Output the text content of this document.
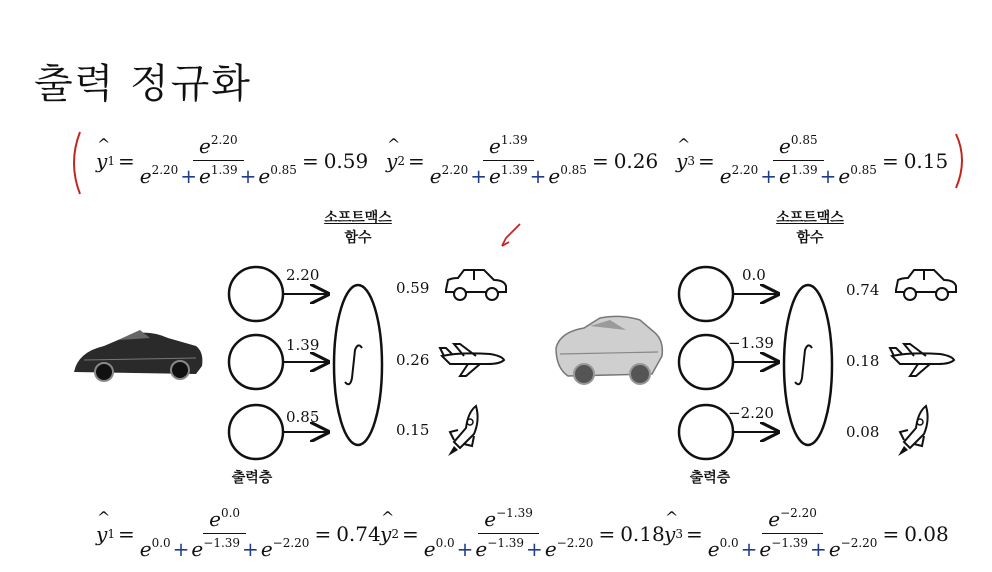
출력 정규화
^
y $1 = \frac{e^{2.20}}{e^{2.20} + e^{1.39} + e^{0.85}} = 0.59$
^
y $2 = \frac{e^{1.39}}{e^{2.20} + e^{1.39} + e^{0.85}} = 0.26$
^
y $3 = \frac{e^{0.85}}{e^{2.20} + e^{1.39} + e^{0.85}} = 0.15$
^
y $1 = \frac{e^{0.0}}{e^{0.0} + e^{-1.39} + e^{-2.20}} = 0.74$
^
y $2 = \frac{e^{-1.39}}{e^{0.0} + e^{-1.39} + e^{-2.20}} = 0.18$
^
y $3 = \frac{e^{-2.20}}{e^{0.0} + e^{-1.39} + e^{-2.20}} = 0.08$
소프트맥스
함수
출력층
2.20
1.39
0.85
0.59
0.26
0.15
소프트맥스
함수
출력층
0.0
−1.39
−2.20
0.74
0.18
0.08
